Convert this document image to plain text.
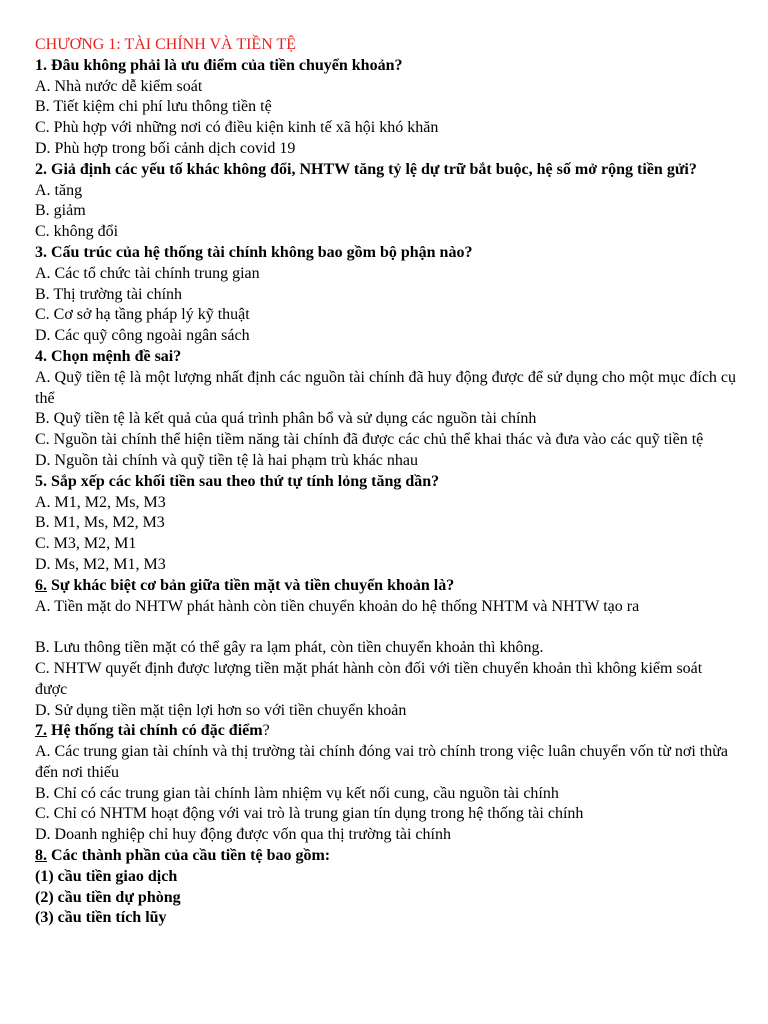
CHƯƠNG 1: TÀI CHÍNH VÀ TIỀN TỆ
1. Đâu không phải là ưu điểm của tiền chuyển khoản?
A. Nhà nước dễ kiểm soát
B. Tiết kiệm chi phí lưu thông tiền tệ
C. Phù hợp với những nơi có điều kiện kinh tế xã hội khó khăn
D. Phù hợp trong bối cảnh dịch covid 19
2. Giả định các yếu tố khác không đổi, NHTW tăng tỷ lệ dự trữ bắt buộc, hệ số mở rộng tiền gửi?
A. tăng
B. giảm
C. không đổi
3. Cấu trúc của hệ thống tài chính không bao gồm bộ phận nào?
A. Các tổ chức tài chính trung gian
B. Thị trường tài chính
C. Cơ sở hạ tầng pháp lý kỹ thuật
D. Các quỹ công ngoài ngân sách
4. Chọn mệnh đề sai?
A. Quỹ tiền tệ là một lượng nhất định các nguồn tài chính đã huy động được để sử dụng cho một mục đích cụ thể
B. Quỹ tiền tệ là kết quả của quá trình phân bổ và sử dụng các nguồn tài chính
C. Nguồn tài chính thể hiện tiềm năng tài chính đã được các chủ thể khai thác và đưa vào các quỹ tiền tệ
D. Nguồn tài chính và quỹ tiền tệ là hai phạm trù khác nhau
5. Sắp xếp các khối tiền sau theo thứ tự tính lỏng tăng dần?
A. M1, M2, Ms, M3
B. M1, Ms, M2, M3
C. M3, M2, M1
D. Ms, M2, M1, M3
6. Sự khác biệt cơ bản giữa tiền mặt và tiền chuyển khoản là?
A. Tiền mặt do NHTW phát hành còn tiền chuyển khoản do hệ thống NHTM và NHTW tạo ra
B. Lưu thông tiền mặt có thể gây ra lạm phát, còn tiền chuyển khoản thì không.
C. NHTW quyết định được lượng tiền mặt phát hành còn đối với tiền chuyển khoản thì không kiểm soát được
D. Sử dụng tiền mặt tiện lợi hơn so với tiền chuyển khoản
7. Hệ thống tài chính có đặc điểm?
A. Các trung gian tài chính và thị trường tài chính đóng vai trò chính trong việc luân chuyển vốn từ nơi thừa đến nơi thiếu
B. Chỉ có các trung gian tài chính làm nhiệm vụ kết nối cung, cầu nguồn tài chính
C. Chỉ có NHTM hoạt động với vai trò là trung gian tín dụng trong hệ thống tài chính
D. Doanh nghiệp chỉ huy động được vốn qua thị trường tài chính
8. Các thành phần của cầu tiền tệ bao gồm:
(1) cầu tiền giao dịch
(2) cầu tiền dự phòng
(3) cầu tiền tích lũy
